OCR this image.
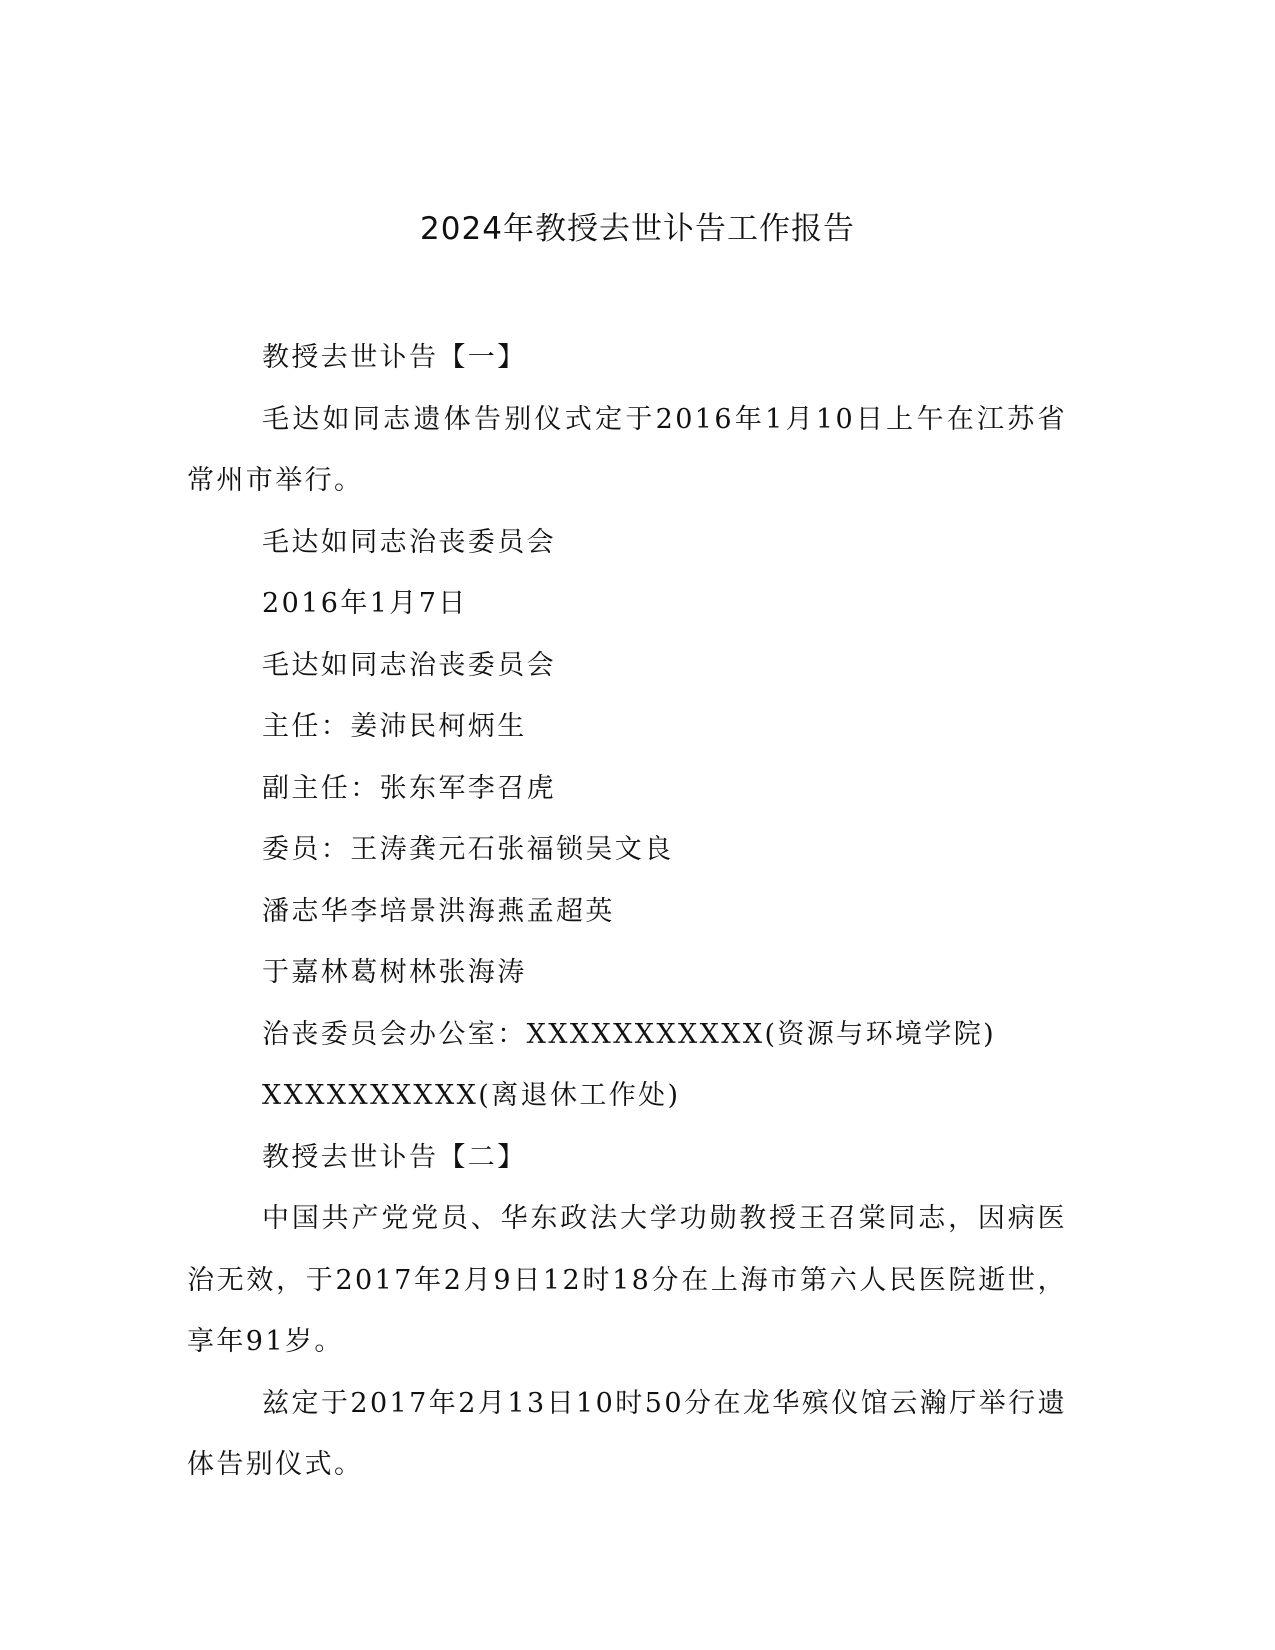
2024年教授去世讣告工作报告

教授去世讣告【一】

毛达如同志遗体告别仪式定于2016年1月10日上午在江苏省常州市举行。

毛达如同志治丧委员会

2016年1月7日

毛达如同志治丧委员会

主任：姜沛民柯炳生

副主任：张东军李召虎

委员：王涛龚元石张福锁吴文良

潘志华李培景洪海燕孟超英

于嘉林葛树林张海涛

治丧委员会办公室：XXXXXXXXXXX(资源与环境学院)

XXXXXXXXXX(离退休工作处)

教授去世讣告【二】

中国共产党党员、华东政法大学功勋教授王召棠同志，因病医治无效，于2017年2月9日12时18分在上海市第六人民医院逝世，享年91岁。

兹定于2017年2月13日10时50分在龙华殡仪馆云瀚厅举行遗体告别仪式。
